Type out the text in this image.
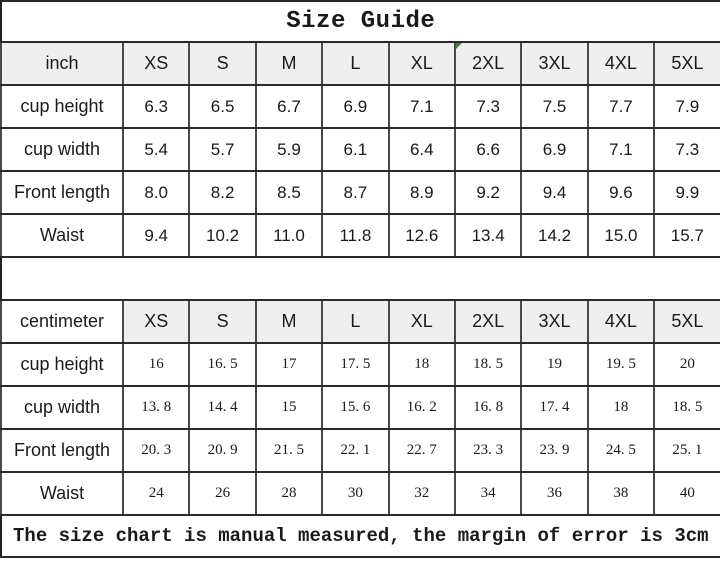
Size Guide									
inch	XS	S	M	L	XL	2XL	3XL	4XL	5XL
cup height	6.3	6.5	6.7	6.9	7.1	7.3	7.5	7.7	7.9
cup width	5.4	5.7	5.9	6.1	6.4	6.6	6.9	7.1	7.3
Front length	8.0	8.2	8.5	8.7	8.9	9.2	9.4	9.6	9.9
Waist	9.4	10.2	11.0	11.8	12.6	13.4	14.2	15.0	15.7

centimeter	XS	S	M	L	XL	2XL	3XL	4XL	5XL
cup height	16	16. 5	17	17. 5	18	18. 5	19	19. 5	20
cup width	13. 8	14. 4	15	15. 6	16. 2	16. 8	17. 4	18	18. 5
Front length	20. 3	20. 9	21. 5	22. 1	22. 7	23. 3	23. 9	24. 5	25. 1
Waist	24	26	28	30	32	34	36	38	40
The size chart is manual measured, the margin of error is 3cm									
